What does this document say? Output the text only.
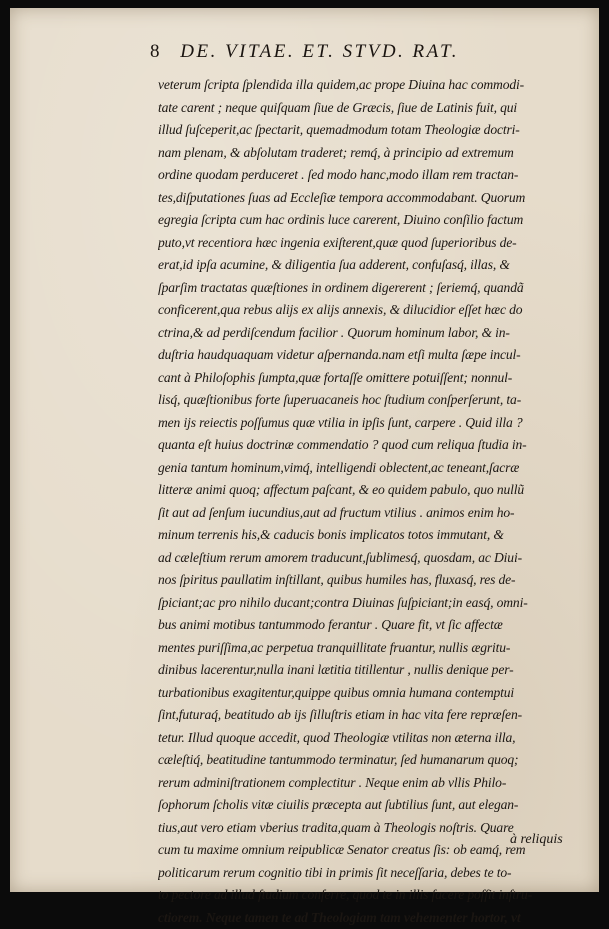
8 DE. VITAE. ET. STVD. RAT.
veterum ſcripta ſplendida illa quidem,ac prope Diuina hac commodi-
tate carent ; neque quiſquam ſiue de Græcis, ſiue de Latinis fuit, qui
illud ſuſceperit,ac ſpectarit, quemadmodum totam Theologiæ doctri-
nam plenam, & abſolutam traderet; remq́, à principio ad extremum
ordine quodam perduceret . ſed modo hanc,modo illam rem tractan-
tes,diſputationes ſuas ad Eccleſiæ tempora accommodabant. Quorum
egregia ſcripta cum hac ordinis luce carerent, Diuino conſilio factum
puto,vt recentiora hæc ingenia exiſterent,quæ quod ſuperioribus de-
erat,id ipſa acumine, & diligentia ſua adderent, confuſasq́, illas, &
ſparſim tractatas quæſtiones in ordinem digererent ; ſeriemq́, quandã
conficerent,qua rebus alijs ex alijs annexis, & dilucidior eſſet hæc do
ctrina,& ad perdiſcendum facilior . Quorum hominum labor, & in-
duſtria haudquaquam videtur aſpernanda.nam etſi multa ſæpe incul-
cant à Philoſophis ſumpta,quæ fortaſſe omittere potuiſſent; nonnul-
lisq́, quæſtionibus forte ſuperuacaneis hoc ſtudium conſperſerunt, ta-
men ijs reiectis poſſumus quæ vtilia in ipſis ſunt, carpere . Quid illa ?
quanta eſt huius doctrinæ commendatio ? quod cum reliqua ſtudia in-
genia tantum hominum,vimq́, intelligendi oblectent,ac teneant,ſacræ
litteræ animi quoq; affectum paſcant, & eo quidem pabulo, quo nullũ
ſit aut ad ſenſum iucundius,aut ad fructum vtilius . animos enim ho-
minum terrenis his,& caducis bonis implicatos totos immutant, &
ad cæleſtium rerum amorem traducunt,ſublimesq́, quosdam, ac Diui-
nos ſpiritus paullatim inſtillant, quibus humiles has, fluxasq́, res de-
ſpiciant;ac pro nihilo ducant;contra Diuinas ſuſpiciant;in easq́, omni-
bus animi motibus tantummodo ferantur . Quare fit, vt ſic affectæ
mentes puriſſima,ac perpetua tranquillitate fruantur, nullis ægritu-
dinibus lacerentur,nulla inani lætitia titillentur , nullis denique per-
turbationibus exagitentur,quippe quibus omnia humana contemptui
ſint,futuraq́, beatitudo ab ijs ſilluſtris etiam in hac vita fere repræſen-
tetur. Illud quoque accedit, quod Theologiæ vtilitas non æterna illa,
cæleſtiq́, beatitudine tantummodo terminatur, ſed humanarum quoq;
rerum adminiſtrationem complectitur . Neque enim ab vllis Philo-
ſophorum ſcholis vitæ ciuilis præcepta aut ſubtilius ſunt, aut elegan-
tius,aut vero etiam vberius tradita,quam à Theologis noſtris. Quare
cum tu maxime omnium reipublicæ Senator creatus ſis: ob eamq́, rem
politicarum rerum cognitio tibi in primis ſit neceſſaria, debes te to-
to pectore ad illud ſtudium conferre, quod te in illis facere poſſit inſtru-
ctiorem. Neque tamen te ad Theologiam tam vehementer hortor, vt
à reliquis
